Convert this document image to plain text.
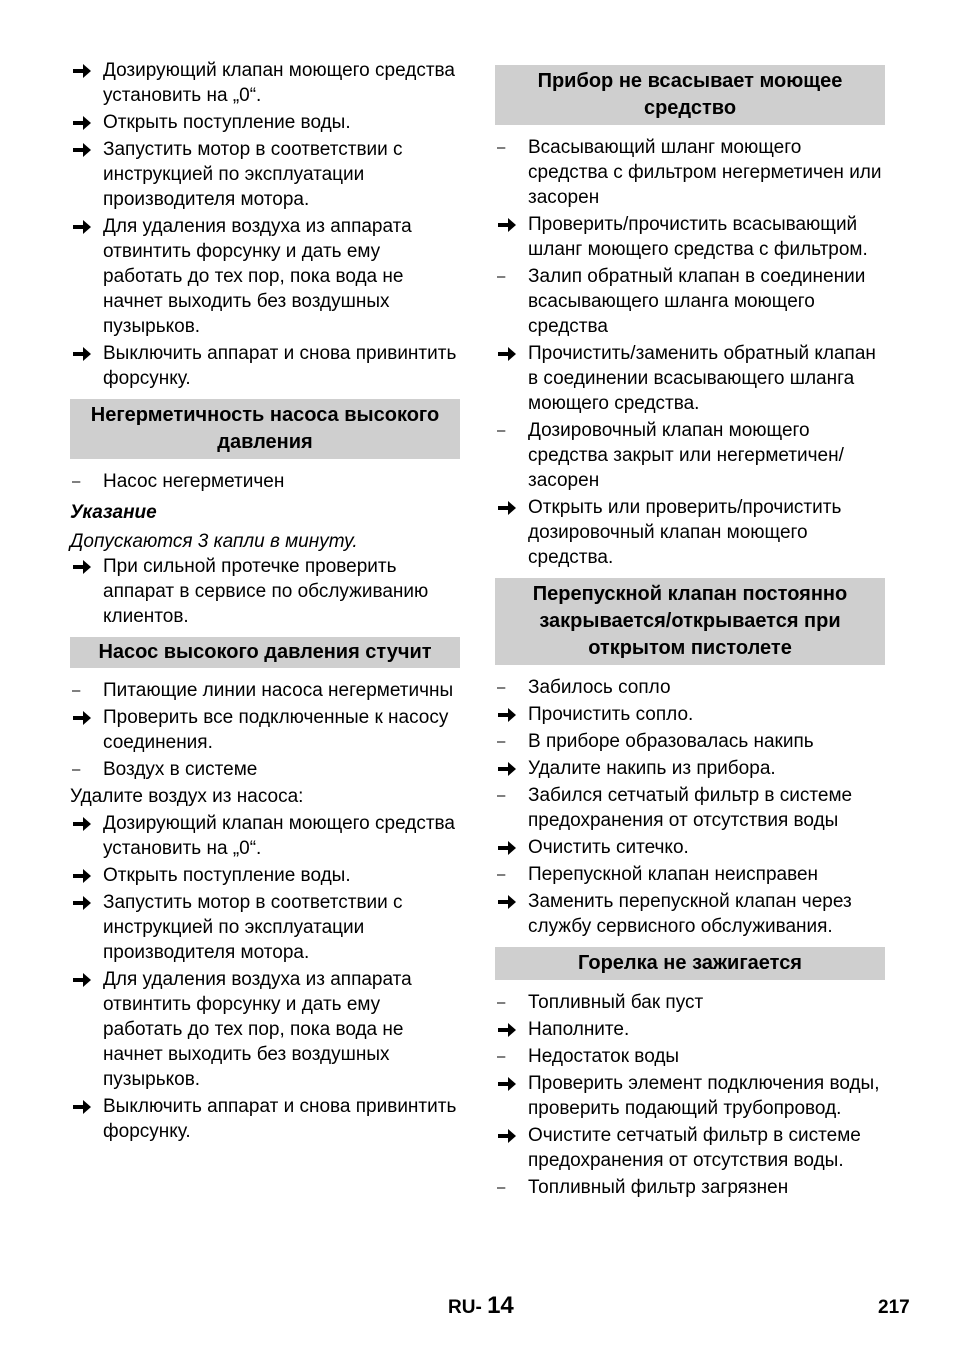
Дозирующий клапан моющего средства установить на „0“.
Открыть поступление воды.
Запустить мотор в соответствии с инструкцией по эксплуатации производителя мотора.
Для удаления воздуха из аппарата отвинтить форсунку и дать ему работать до тех пор, пока вода не начнет выходить без воздушных пузырьков.
Выключить аппарат и снова привинтить форсунку.
Негерметичность насоса высокого давления
–	Насос негерметичен
Указание
Допускаются 3 капли в минуту.
При сильной протечке проверить аппарат в сервисе по обслуживанию клиентов.
Насос высокого давления стучит
–	Питающие линии насоса негерметичны
Проверить все подключенные к насосу соединения.
–	Воздух в системе
Удалите воздух из насоса:
Дозирующий клапан моющего средства установить на „0“.
Открыть поступление воды.
Запустить мотор в соответствии с инструкцией по эксплуатации производителя мотора.
Для удаления воздуха из аппарата отвинтить форсунку и дать ему работать до тех пор, пока вода не начнет выходить без воздушных пузырьков.
Выключить аппарат и снова привинтить форсунку.
Прибор не всасывает моющее средство
–	Всасывающий шланг моющего средства с фильтром негерметичен или засорен
Проверить/прочистить всасывающий шланг моющего средства с фильтром.
–	Залип обратный клапан в соединении всасывающего шланга моющего средства
Прочистить/заменить обратный клапан в соединении всасывающего шланга моющего средства.
–	Дозировочный клапан моющего средства закрыт или негерметичен/ засорен
Открыть или проверить/прочистить дозировочный клапан моющего средства.
Перепускной клапан постоянно закрывается/открывается при открытом пистолете
–	Забилось сопло
Прочистить сопло.
–	В приборе образовалась накипь
Удалите накипь из прибора.
–	Забился сетчатый фильтр в системе предохранения от отсутствия воды
Очистить ситечко.
–	Перепускной клапан неисправен
Заменить перепускной клапан через службу сервисного обслуживания.
Горелка не зажигается
–	Топливный бак пуст
Наполните.
–	Недостаток воды
Проверить элемент подключения воды, проверить подающий трубопровод.
Очистите сетчатый фильтр в системе предохранения от отсутствия воды.
–	Топливный фильтр загрязнен
RU- 14	217
